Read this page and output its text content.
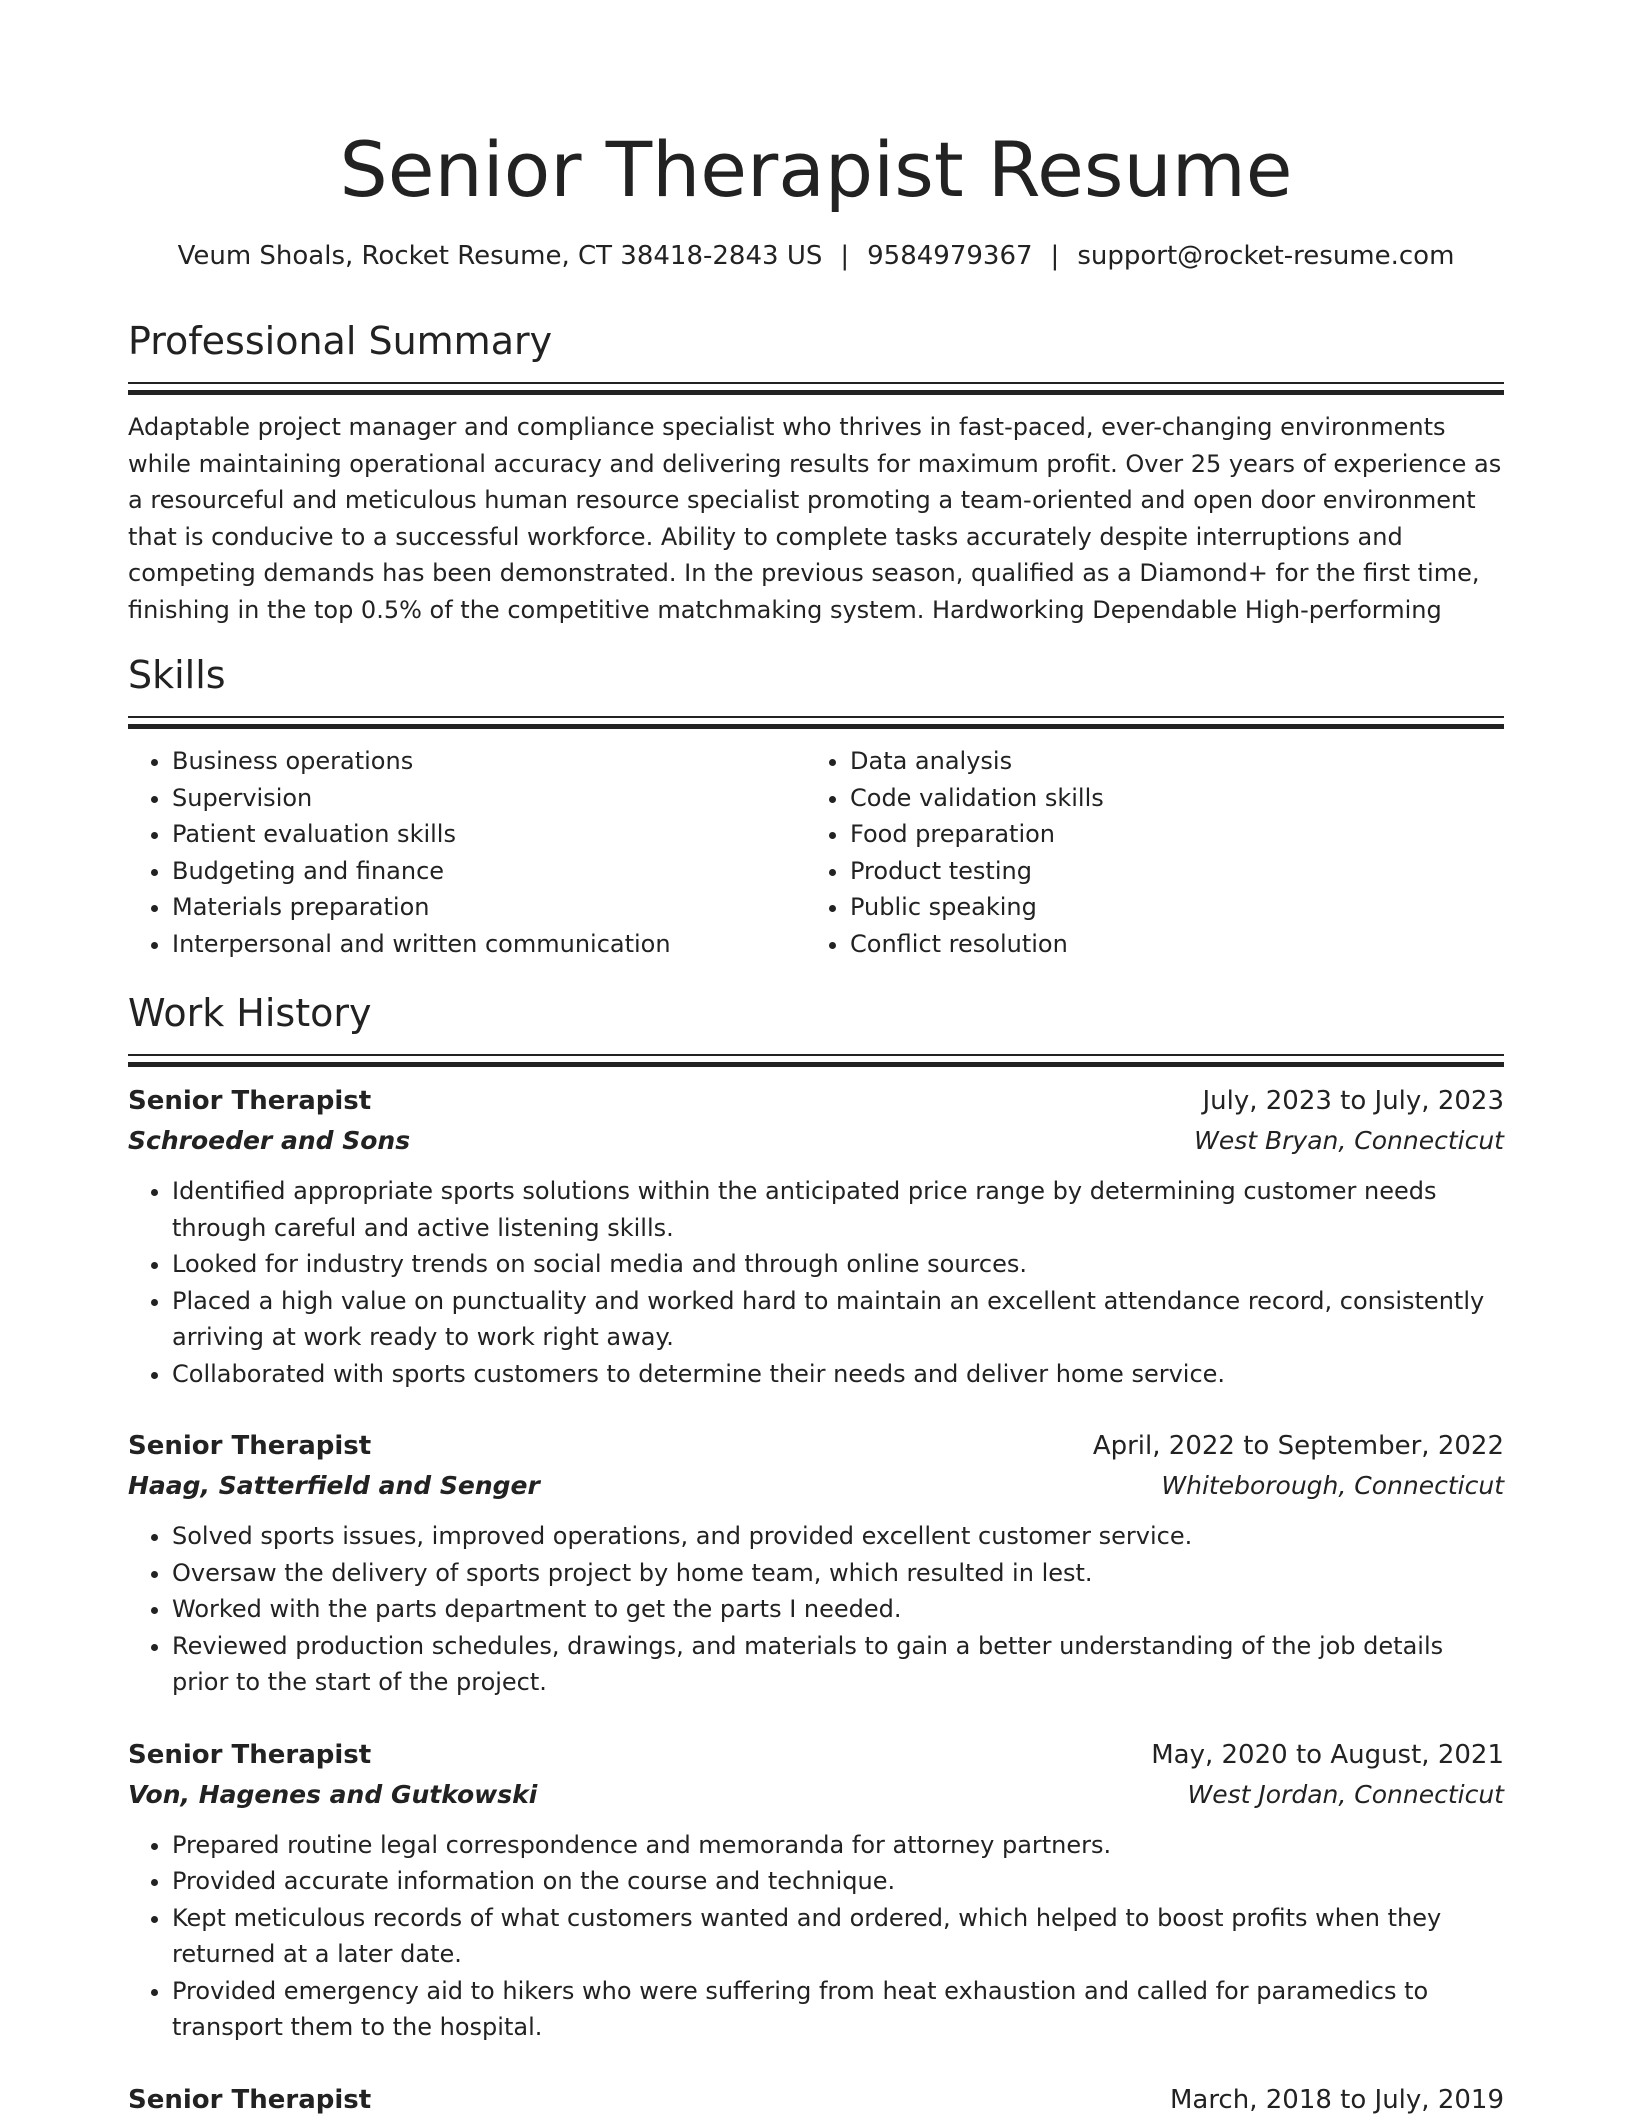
Senior Therapist Resume
Veum Shoals, Rocket Resume, CT 38418-2843 US | 9584979367 | support@rocket-resume.com
Professional Summary

Adaptable project manager and compliance specialist who thrives in fast-paced, ever-changing environments while maintaining operational accuracy and delivering results for maximum profit. Over 25 years of experience as a resourceful and meticulous human resource specialist promoting a team-oriented and open door environment that is conducive to a successful workforce. Ability to complete tasks accurately despite interruptions and competing demands has been demonstrated. In the previous season, qualified as a Diamond+ for the first time, finishing in the top 0.5% of the competitive matchmaking system. Hardworking Dependable High-performing

Skills
• Business operations
• Supervision
• Patient evaluation skills
• Budgeting and finance
• Materials preparation
• Interpersonal and written communication
• Data analysis
• Code validation skills
• Food preparation
• Product testing
• Public speaking
• Conflict resolution
Work History
Senior Therapist	July, 2023 to July, 2023
Schroeder and Sons	West Bryan, Connecticut
• Identified appropriate sports solutions within the anticipated price range by determining customer needs through careful and active listening skills.
• Looked for industry trends on social media and through online sources.
• Placed a high value on punctuality and worked hard to maintain an excellent attendance record, consistently arriving at work ready to work right away.
• Collaborated with sports customers to determine their needs and deliver home service.
Senior Therapist	April, 2022 to September, 2022
Haag, Satterfield and Senger	Whiteborough, Connecticut
• Solved sports issues, improved operations, and provided excellent customer service.
• Oversaw the delivery of sports project by home team, which resulted in lest.
• Worked with the parts department to get the parts I needed.
• Reviewed production schedules, drawings, and materials to gain a better understanding of the job details prior to the start of the project.
Senior Therapist	May, 2020 to August, 2021
Von, Hagenes and Gutkowski	West Jordan, Connecticut
• Prepared routine legal correspondence and memoranda for attorney partners.
• Provided accurate information on the course and technique.
• Kept meticulous records of what customers wanted and ordered, which helped to boost profits when they returned at a later date.
• Provided emergency aid to hikers who were suffering from heat exhaustion and called for paramedics to transport them to the hospital.
Senior Therapist	March, 2018 to July, 2019
